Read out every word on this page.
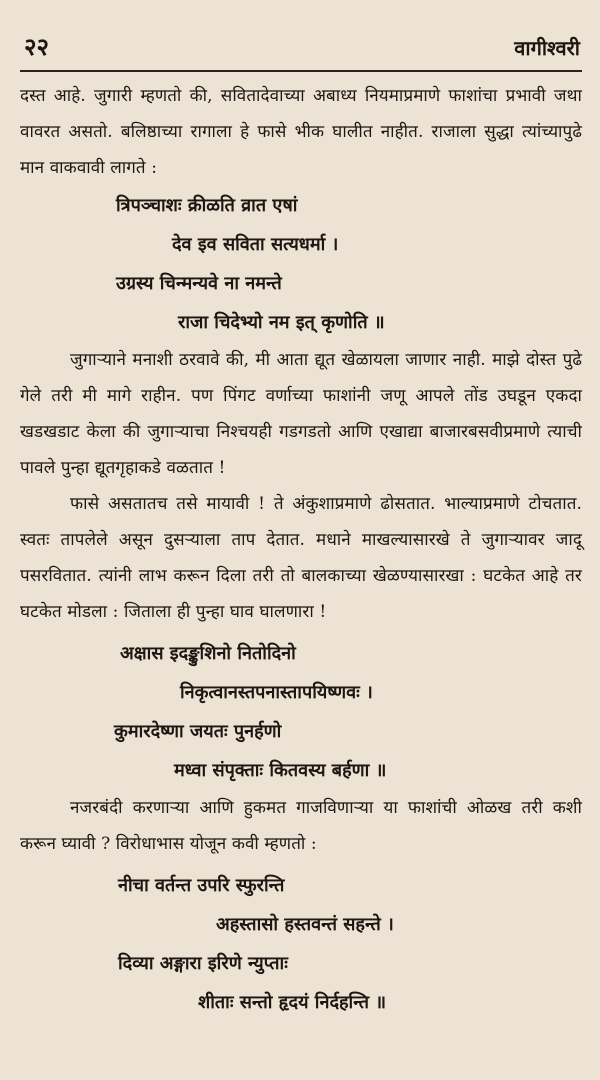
२२	वागीश्वरी

दस्त आहे. जुगारी म्हणतो की, सवितादेवाच्या अबाध्य नियमाप्रमाणे फाशांचा प्रभावी जथा वावरत असतो. बलिष्ठाच्या रागाला हे फासे भीक घालीत नाहीत. राजाला सुद्धा त्यांच्यापुढे मान वाकवावी लागते :

त्रिपञ्चाशः क्रीळति व्रात एषां
देव इव सविता सत्यधर्मा ।
उग्रस्य चिन्मन्यवे ना नमन्ते
राजा चिदेभ्यो नम इत् कृणोति ॥

जुगाऱ्याने मनाशी ठरवावे की, मी आता द्यूत खेळायला जाणार नाही. माझे दोस्त पुढे गेले तरी मी मागे राहीन. पण पिंगट वर्णाच्या फाशांनी जणू आपले तोंड उघडून एकदा खडखडाट केला की जुगाऱ्याचा निश्चयही गडगडतो आणि एखाद्या बाजारबसवीप्रमाणे त्याची पावले पुन्हा द्यूतगृहाकडे वळतात !

फासे असतातच तसे मायावी ! ते अंकुशाप्रमाणे ढोसतात. भाल्याप्रमाणे टोचतात. स्वतः तापलेले असून दुसऱ्याला ताप देतात. मधाने माखल्यासारखे ते जुगाऱ्यावर जादू पसरवितात. त्यांनी लाभ करून दिला तरी तो बालकाच्या खेळण्यासारखा : घटकेत आहे तर घटकेत मोडला : जिताला ही पुन्हा घाव घालणारा !

अक्षास इदङ्कुशिनो नितोदिनो
निकृत्वानस्तपनास्तापयिष्णवः ।
कुमारदेष्णा जयतः पुनर्हणो
मध्वा संपृक्ताः कितवस्य बर्हणा ॥

नजरबंदी करणाऱ्या आणि हुकमत गाजविणाऱ्या या फाशांची ओळख तरी कशी करून घ्यावी ? विरोधाभास योजून कवी म्हणतो :

नीचा वर्तन्त उपरि स्फुरन्ति
अहस्तासो हस्तवन्तं सहन्ते ।
दिव्या अङ्गारा इरिणे न्युप्ताः
शीताः सन्तो हृदयं निर्दहन्ति ॥
